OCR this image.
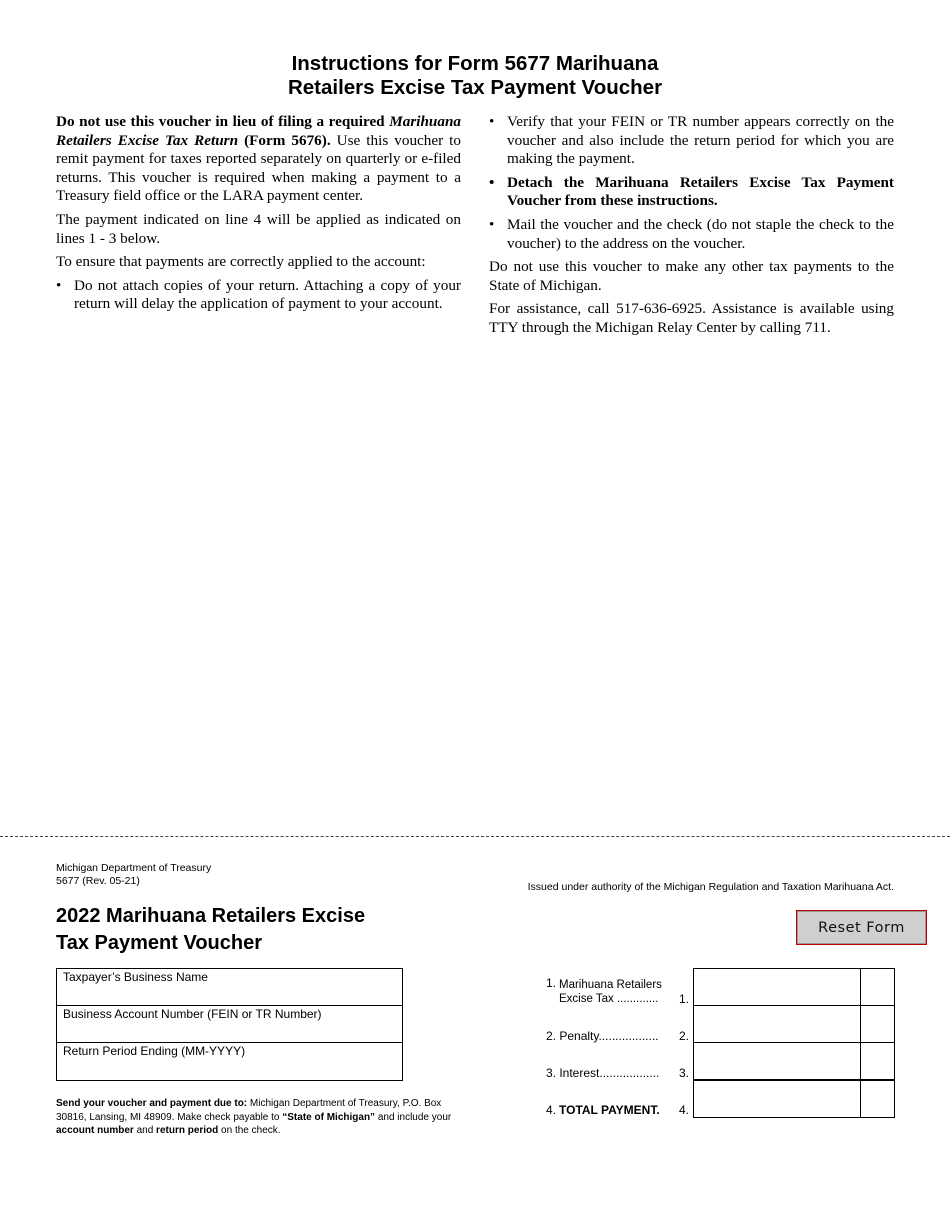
Instructions for Form 5677 Marihuana
Retailers Excise Tax Payment Voucher

Do not use this voucher in lieu of filing a required Marihuana Retailers Excise Tax Return (Form 5676). Use this voucher to remit payment for taxes reported separately on quarterly or e-filed returns. This voucher is required when making a payment to a Treasury field office or the LARA payment center.

The payment indicated on line 4 will be applied as indicated on lines 1 - 3 below.

To ensure that payments are correctly applied to the account:

• Do not attach copies of your return. Attaching a copy of your return will delay the application of payment to your account.
• Verify that your FEIN or TR number appears correctly on the voucher and also include the return period for which you are making the payment.
• Detach the Marihuana Retailers Excise Tax Payment Voucher from these instructions.
• Mail the voucher and the check (do not staple the check to the voucher) to the address on the voucher.

Do not use this voucher to make any other tax payments to the State of Michigan.

For assistance, call 517-636-6925. Assistance is available using TTY through the Michigan Relay Center by calling 711.

Michigan Department of Treasury
5677 (Rev. 05-21)	Issued under authority of the Michigan Regulation and Taxation Marihuana Act.
2022 Marihuana Retailers Excise
Tax Payment Voucher
Reset Form
Taxpayer’s Business Name
Business Account Number (FEIN or TR Number)
Return Period Ending (MM-YYYY)
Send your voucher and payment due to: Michigan Department of Treasury, P.O. Box 30816, Lansing, MI 48909. Make check payable to “State of Michigan” and include your account number and return period on the check.
1. Marihuana Retailers
Excise Tax ............. 1.
2. Penalty.................. 2.
3. Interest.................. 3.
4. TOTAL PAYMENT. 4.
